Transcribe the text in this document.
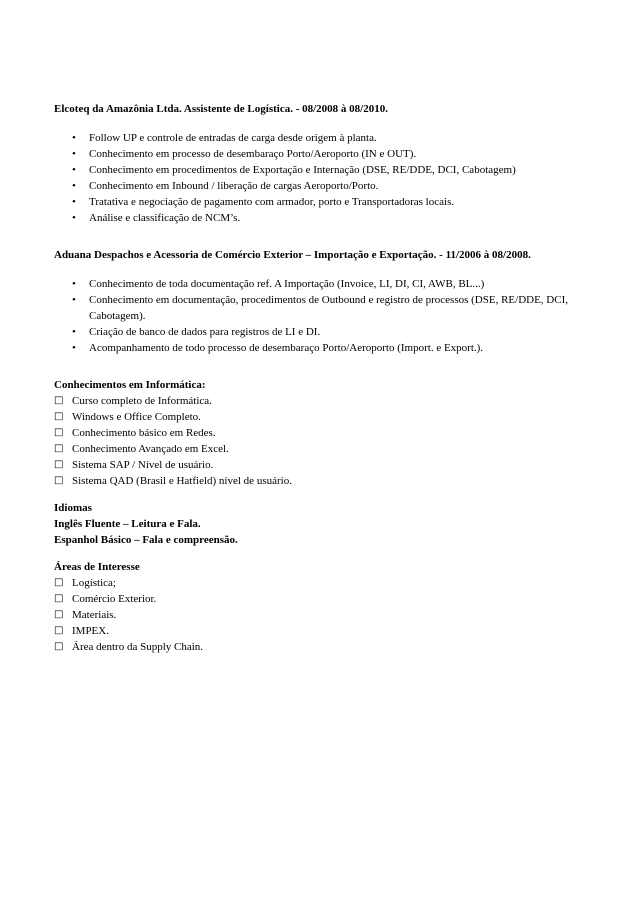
Elcoteq da Amazônia Ltda. Assistente de Logística. - 08/2008 à 08/2010.

• Follow UP e controle de entradas de carga desde origem à planta.
• Conhecimento em processo de desembaraço Porto/Aeroporto (IN e OUT).
• Conhecimento em procedimentos de Exportação e Internação (DSE, RE/DDE, DCI, Cabotagem)
• Conhecimento em Inbound / liberação de cargas Aeroporto/Porto.
• Tratativa e negociação de pagamento com armador, porto e Transportadoras locais.
• Análise e classificação de NCM’s.

Aduana Despachos e Acessoria de Comércio Exterior – Importação e Exportação. - 11/2006 à 08/2008.

• Conhecimento de toda documentação ref. A Importação (Invoice, LI, DI, CI, AWB, BL...)
• Conhecimento em documentação, procedimentos de Outbound e registro de processos (DSE, RE/DDE, DCI, Cabotagem).
• Criação de banco de dados para registros de LI e DI.
• Acompanhamento de todo processo de desembaraço Porto/Aeroporto (Import. e Export.).

Conhecimentos em Informática:

□ Curso completo de Informática.
□ Windows e Office Completo.
□ Conhecimento básico em Redes.
□ Conhecimento Avançado em Excel.
□ Sistema SAP / Nível de usuário.
□ Sistema QAD (Brasil e Hatfield) nível de usuário.

Idiomas

Inglês Fluente – Leitura e Fala.

Espanhol Básico – Fala e compreensão.

Áreas de Interesse

□ Logística;
□ Comércio Exterior.
□ Materiais.
□ IMPEX.
□ Área dentro da Supply Chain.
